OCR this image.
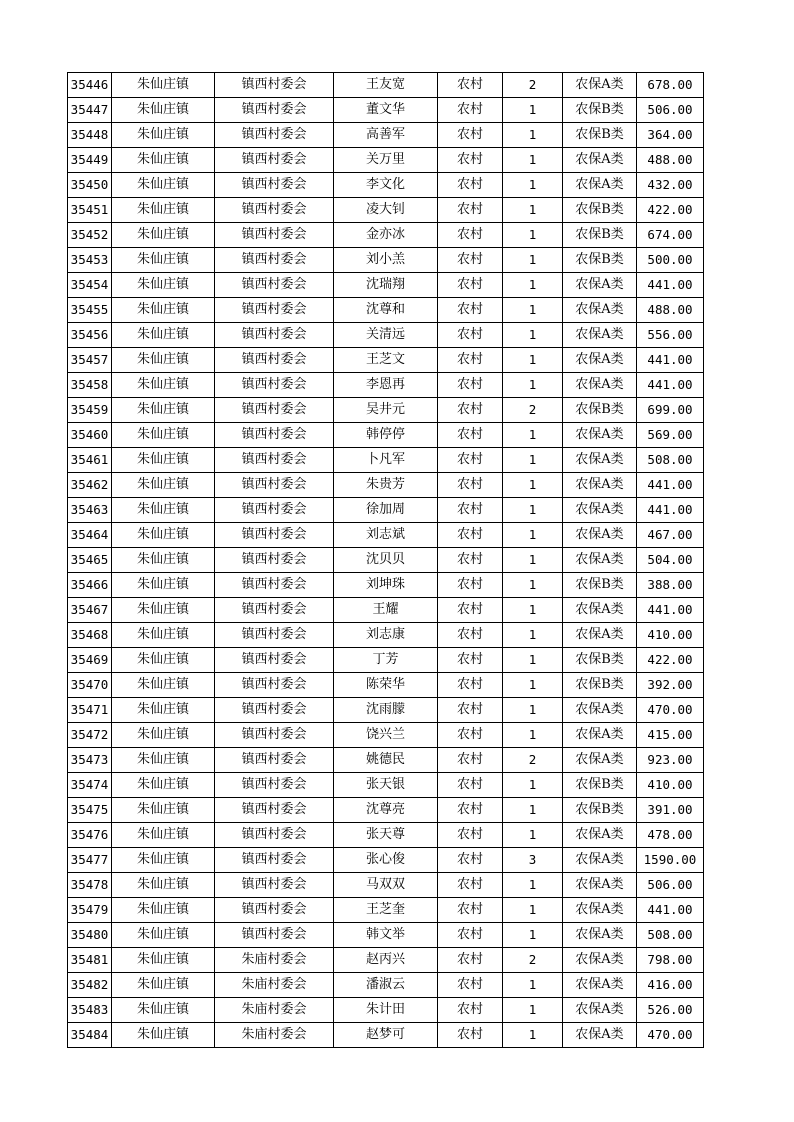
35446	朱仙庄镇	镇西村委会	王友宽	农村	2	农保A类	678.00
35447	朱仙庄镇	镇西村委会	董文华	农村	1	农保B类	506.00
35448	朱仙庄镇	镇西村委会	高善军	农村	1	农保B类	364.00
35449	朱仙庄镇	镇西村委会	关万里	农村	1	农保A类	488.00
35450	朱仙庄镇	镇西村委会	李文化	农村	1	农保A类	432.00
35451	朱仙庄镇	镇西村委会	凌大钊	农村	1	农保B类	422.00
35452	朱仙庄镇	镇西村委会	金亦冰	农村	1	农保B类	674.00
35453	朱仙庄镇	镇西村委会	刘小羔	农村	1	农保B类	500.00
35454	朱仙庄镇	镇西村委会	沈瑞翔	农村	1	农保A类	441.00
35455	朱仙庄镇	镇西村委会	沈尊和	农村	1	农保A类	488.00
35456	朱仙庄镇	镇西村委会	关清远	农村	1	农保A类	556.00
35457	朱仙庄镇	镇西村委会	王芝文	农村	1	农保A类	441.00
35458	朱仙庄镇	镇西村委会	李恩再	农村	1	农保A类	441.00
35459	朱仙庄镇	镇西村委会	吴井元	农村	2	农保B类	699.00
35460	朱仙庄镇	镇西村委会	韩停停	农村	1	农保A类	569.00
35461	朱仙庄镇	镇西村委会	卜凡军	农村	1	农保A类	508.00
35462	朱仙庄镇	镇西村委会	朱贵芳	农村	1	农保A类	441.00
35463	朱仙庄镇	镇西村委会	徐加周	农村	1	农保A类	441.00
35464	朱仙庄镇	镇西村委会	刘志斌	农村	1	农保A类	467.00
35465	朱仙庄镇	镇西村委会	沈贝贝	农村	1	农保A类	504.00
35466	朱仙庄镇	镇西村委会	刘坤珠	农村	1	农保B类	388.00
35467	朱仙庄镇	镇西村委会	王耀	农村	1	农保A类	441.00
35468	朱仙庄镇	镇西村委会	刘志康	农村	1	农保A类	410.00
35469	朱仙庄镇	镇西村委会	丁芳	农村	1	农保B类	422.00
35470	朱仙庄镇	镇西村委会	陈荣华	农村	1	农保B类	392.00
35471	朱仙庄镇	镇西村委会	沈雨朦	农村	1	农保A类	470.00
35472	朱仙庄镇	镇西村委会	饶兴兰	农村	1	农保A类	415.00
35473	朱仙庄镇	镇西村委会	姚德民	农村	2	农保A类	923.00
35474	朱仙庄镇	镇西村委会	张天银	农村	1	农保B类	410.00
35475	朱仙庄镇	镇西村委会	沈尊亮	农村	1	农保B类	391.00
35476	朱仙庄镇	镇西村委会	张天尊	农村	1	农保A类	478.00
35477	朱仙庄镇	镇西村委会	张心俊	农村	3	农保A类	1590.00
35478	朱仙庄镇	镇西村委会	马双双	农村	1	农保A类	506.00
35479	朱仙庄镇	镇西村委会	王芝奎	农村	1	农保A类	441.00
35480	朱仙庄镇	镇西村委会	韩文举	农村	1	农保A类	508.00
35481	朱仙庄镇	朱庙村委会	赵丙兴	农村	2	农保A类	798.00
35482	朱仙庄镇	朱庙村委会	潘淑云	农村	1	农保A类	416.00
35483	朱仙庄镇	朱庙村委会	朱计田	农村	1	农保A类	526.00
35484	朱仙庄镇	朱庙村委会	赵梦可	农村	1	农保A类	470.00
